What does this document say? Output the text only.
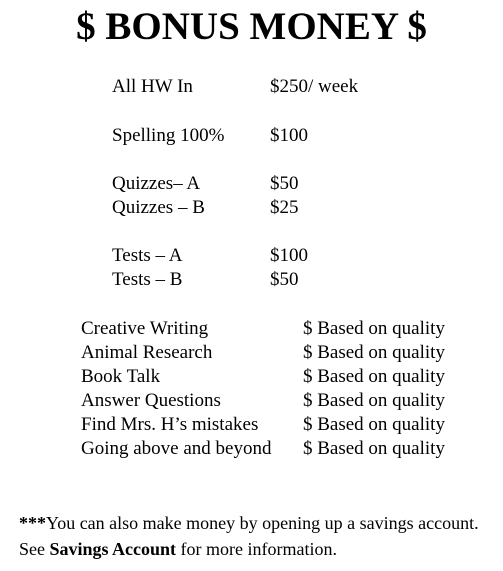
$ BONUS MONEY $
All HW In	$250/ week
Spelling 100% $100
Quizzes– A	$50
Quizzes – B	$25
Tests – A	$100
Tests – B	$50
Creative Writing	$ Based on quality
Animal Research	$ Based on quality
Book Talk	$ Based on quality
Answer Questions	$ Based on quality
Find Mrs. H’s mistakes $ Based on quality
Going above and beyond $ Based on quality
***You can also make money by opening up a savings account. See Savings Account for more information.
